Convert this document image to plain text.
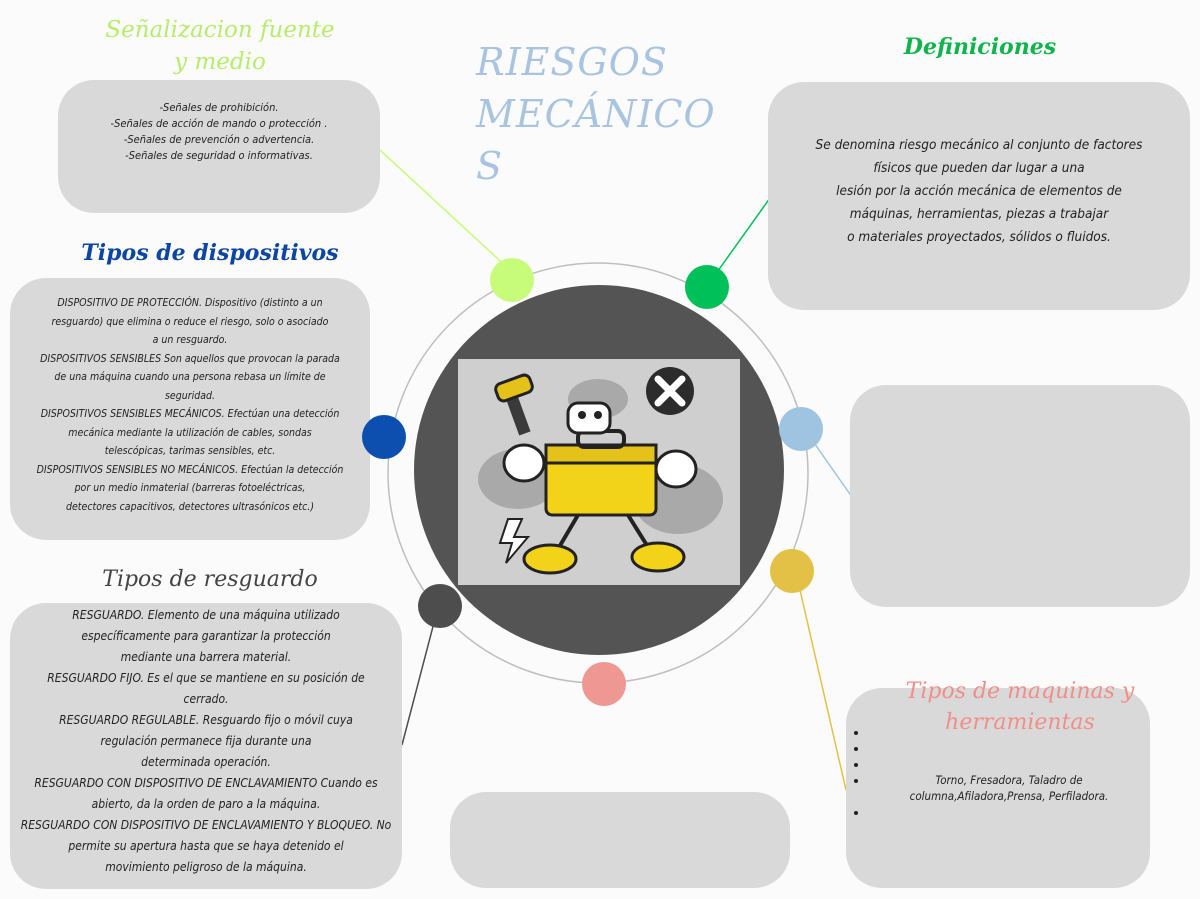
RIESGOS
MECÁNICO
S
Señalizacion fuente
y medio
-Señales de prohibición.
-Señales de acción de mando o protección .
-Señales de prevención o advertencia.
-Señales de seguridad o informativas.
Definiciones
Se denomina riesgo mecánico al conjunto de factores
físicos que pueden dar lugar a una
lesión por la acción mecánica de elementos de
máquinas, herramientas, piezas a trabajar
o materiales proyectados, sólidos o fluidos.
Tipos de dispositivos
DISPOSITIVO DE PROTECCIÓN. Dispositivo (distinto a un
resguardo) que elimina o reduce el riesgo, solo o asociado
a un resguardo.
DISPOSITIVOS SENSIBLES Son aquellos que provocan la parada
de una máquina cuando una persona rebasa un límite de
seguridad.
DISPOSITIVOS SENSIBLES MECÁNICOS. Efectúan una detección
mecánica mediante la utilización de cables, sondas
telescópicas, tarimas sensibles, etc.
DISPOSITIVOS SENSIBLES NO MECÁNICOS. Efectúan la detección
por un medio inmaterial (barreras fotoeléctricas,
detectores capacitivos, detectores ultrasónicos etc.)
Tipos de resguardo
RESGUARDO. Elemento de una máquina utilizado
específicamente para garantizar la protección
mediante una barrera material.
RESGUARDO FIJO. Es el que se mantiene en su posición de
cerrado.
RESGUARDO REGULABLE. Resguardo fijo o móvil cuya
regulación permanece fija durante una
determinada operación.
RESGUARDO CON DISPOSITIVO DE ENCLAVAMIENTO Cuando es
abierto, da la orden de paro a la máquina.
RESGUARDO CON DISPOSITIVO DE ENCLAVAMIENTO Y BLOQUEO. No
permite su apertura hasta que se haya detenido el
movimiento peligroso de la máquina.
•
•
•
• Torno, Fresadora, Taladro de columna,Afiladora,Prensa, Perfiladora.
•
Tipos de maquinas y
herramientas
